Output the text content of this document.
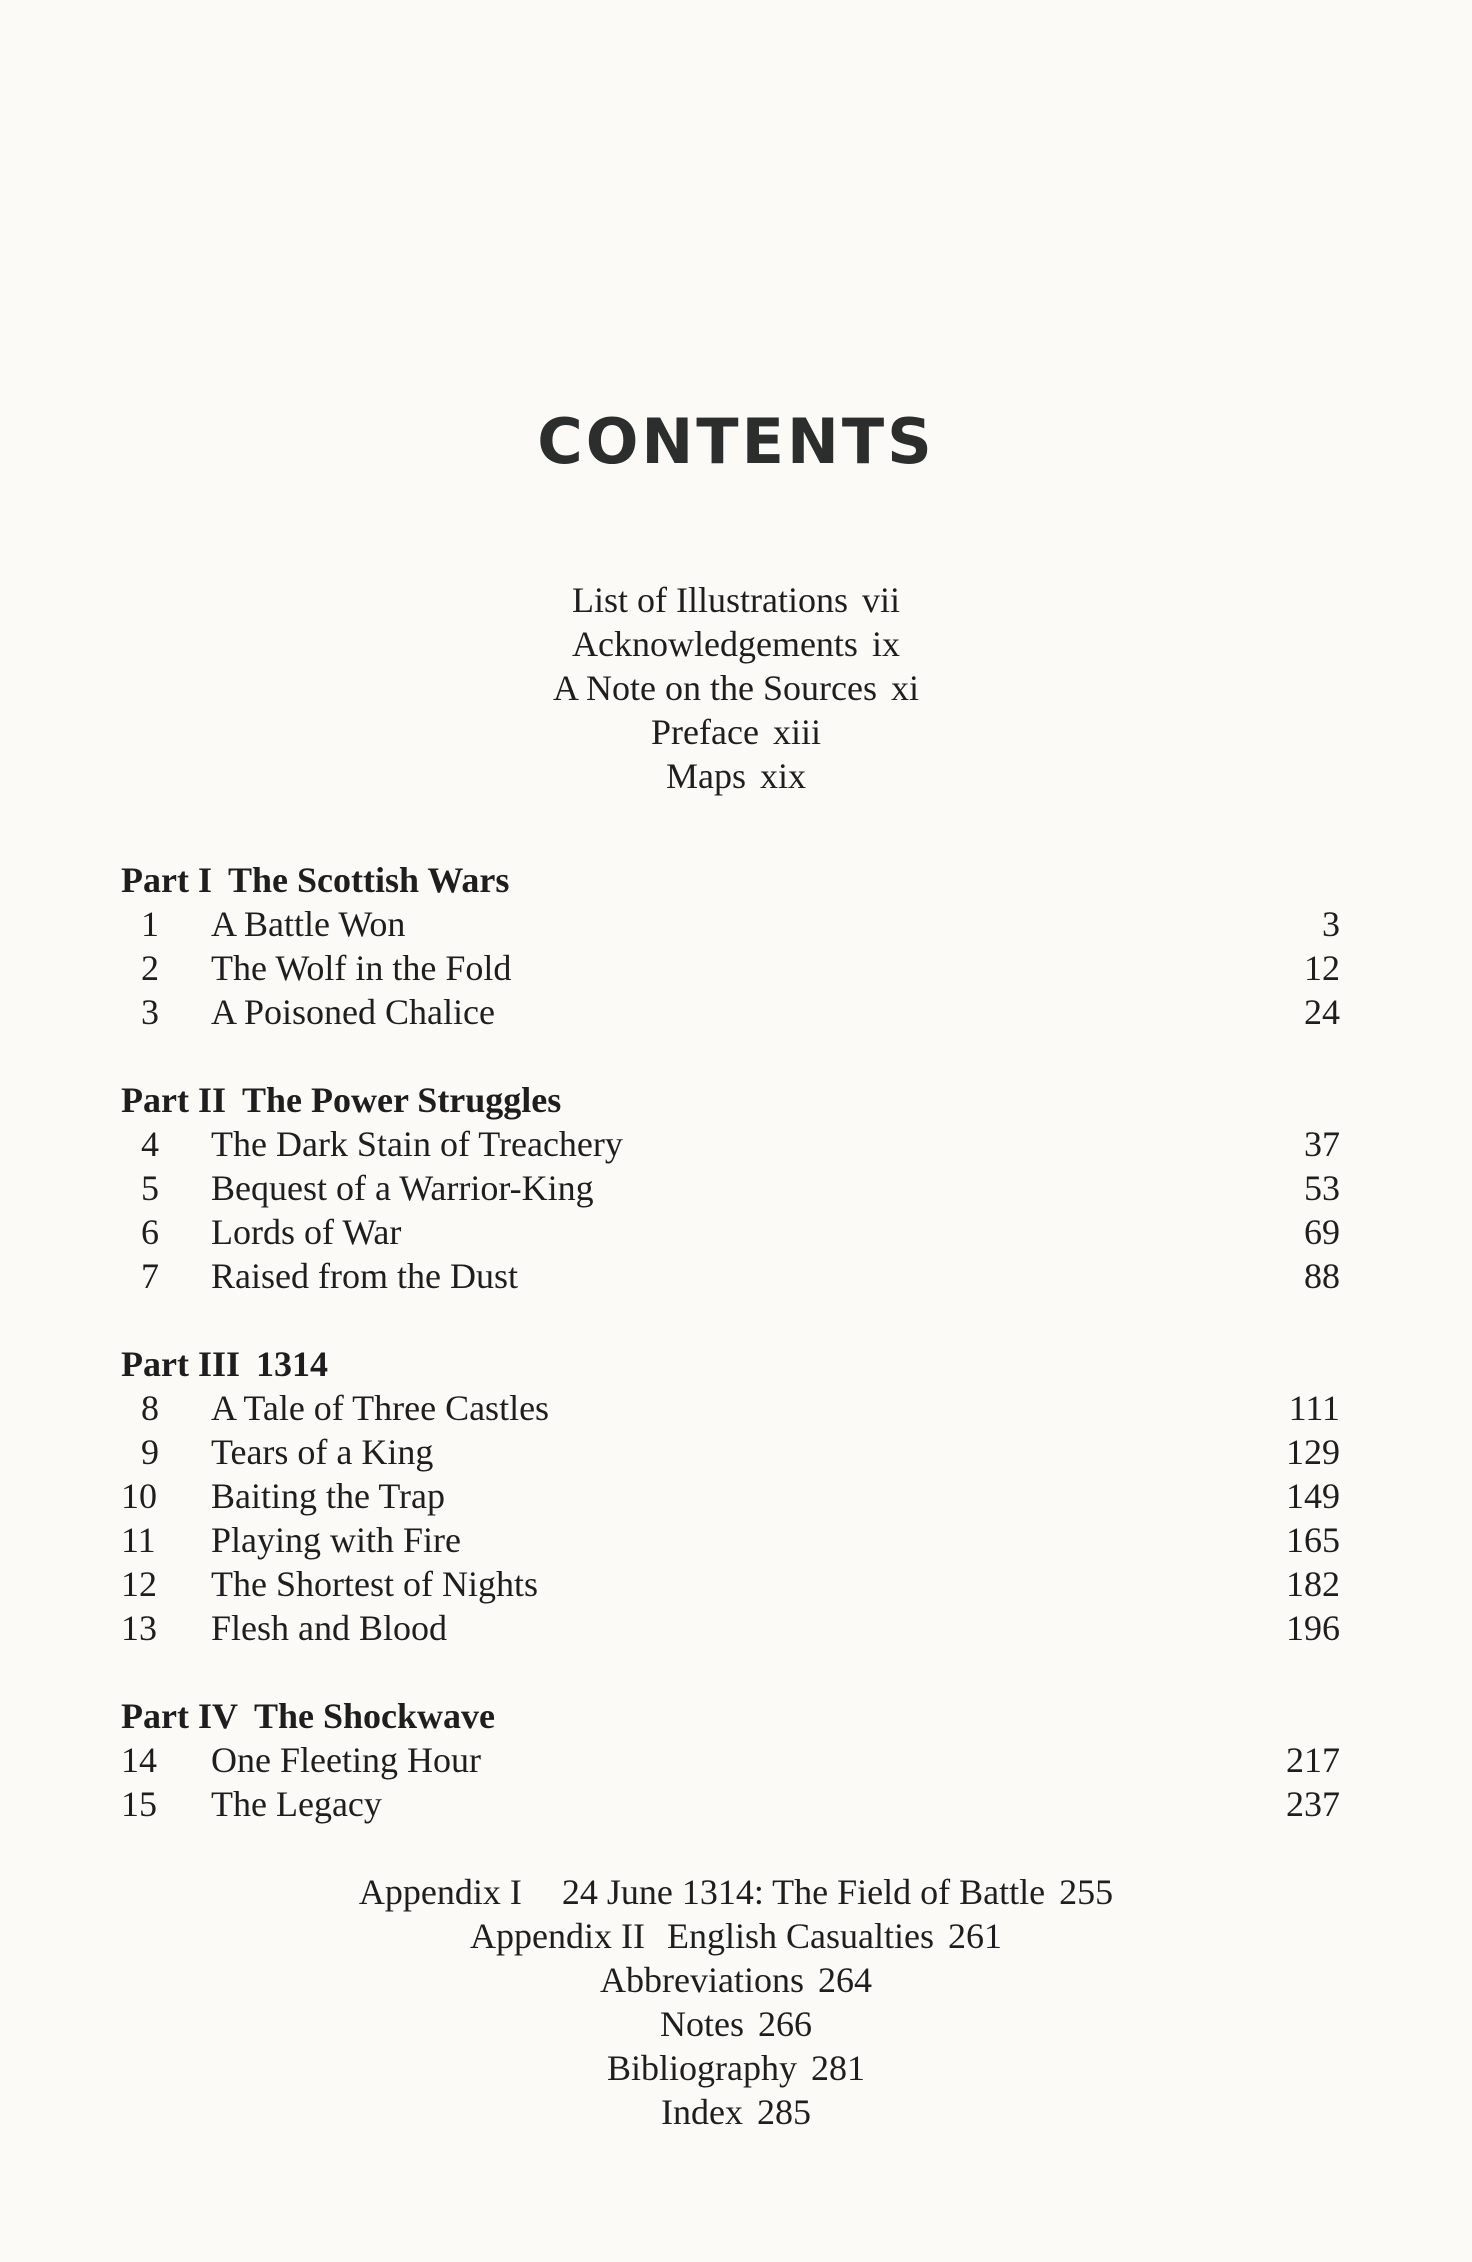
CONTENTS
List of Illustrations vii
Acknowledgements ix
A Note on the Sources xi
Preface xiii
Maps xix
Part I The Scottish Wars
1 A Battle Won	3
2 The Wolf in the Fold	12
3 A Poisoned Chalice	24
Part II The Power Struggles
4 The Dark Stain of Treachery	37
5 Bequest of a Warrior-King	53
6 Lords of War	69
7 Raised from the Dust	88
Part III 1314
8 A Tale of Three Castles	111
9 Tears of a King	129
10 Baiting the Trap	149
11 Playing with Fire	165
12 The Shortest of Nights	182
13 Flesh and Blood	196
Part IV The Shockwave
14 One Fleeting Hour	217
15 The Legacy	237
Appendix I 24 June 1314: The Field of Battle 255
Appendix II English Casualties 261
Abbreviations 264
Notes 266
Bibliography 281
Index 285
